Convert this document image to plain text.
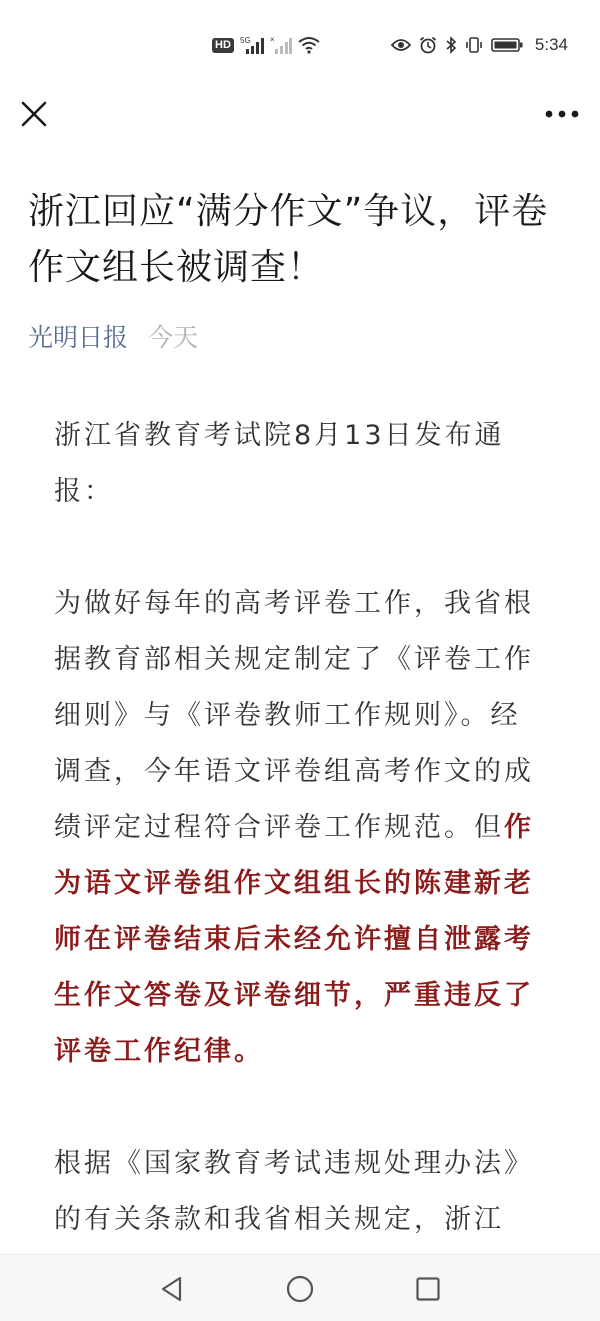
HD	5G ×	5:34
浙江回应“满分作文”争议，评卷作文组长被调查！
光明日报 今天

浙江省教育考试院8月13日发布通报：

为做好每年的高考评卷工作，我省根据教育部相关规定制定了《评卷工作细则》与《评卷教师工作规则》。经调查，今年语文评卷组高考作文的成绩评定过程符合评卷工作规范。但作为语文评卷组作文组组长的陈建新老师在评卷结束后未经允许擅自泄露考生作文答卷及评卷细节，严重违反了评卷工作纪律。

根据《国家教育考试违规处理办法》的有关条款和我省相关规定，浙江
